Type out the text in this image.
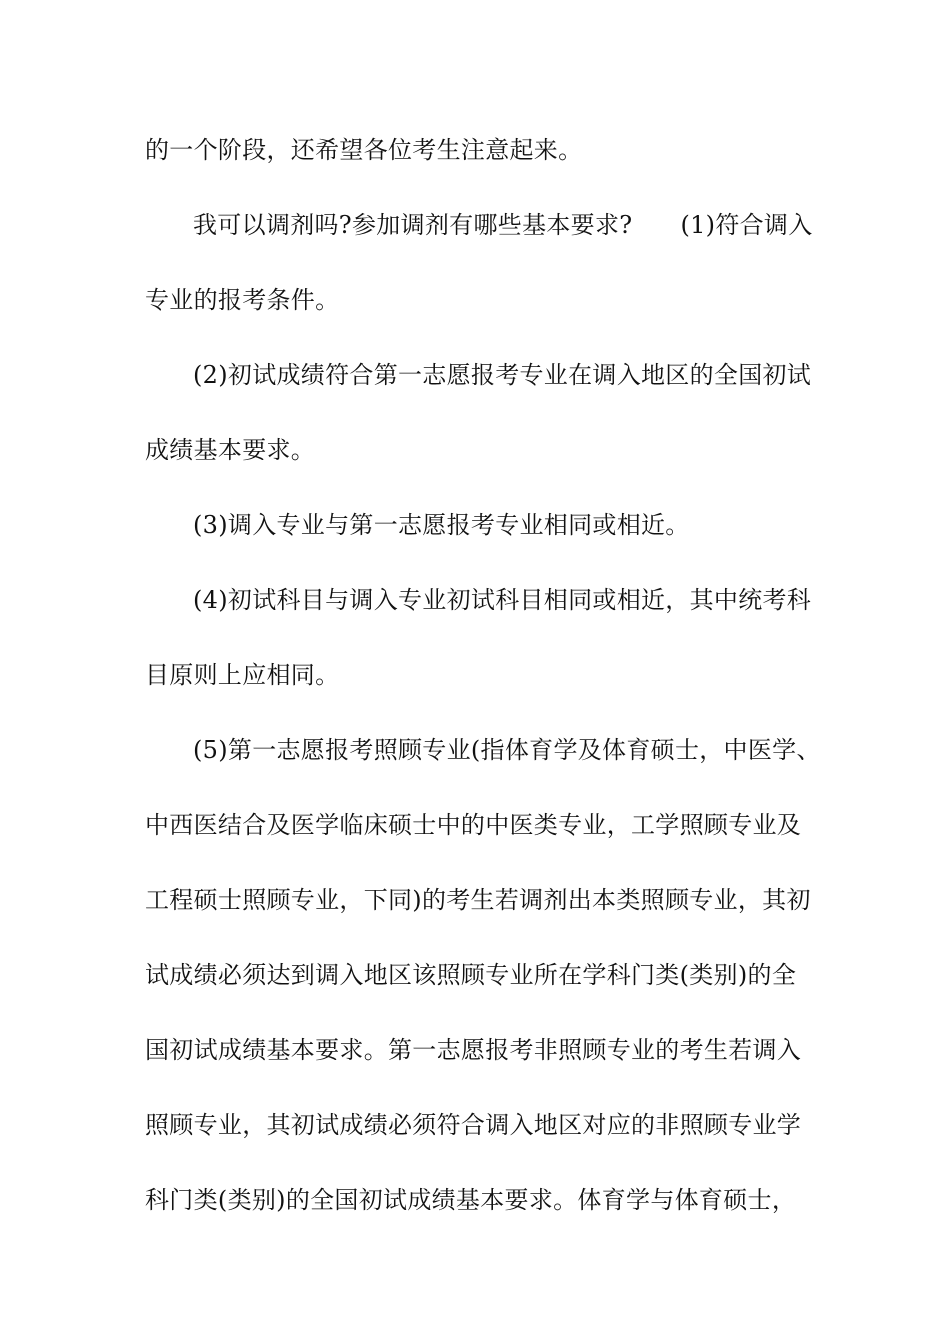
的一个阶段，还希望各位考生注意起来。
我可以调剂吗?参加调剂有哪些基本要求? (1)符合调入
专业的报考条件。
(2)初试成绩符合第一志愿报考专业在调入地区的全国初试
成绩基本要求。
(3)调入专业与第一志愿报考专业相同或相近。
(4)初试科目与调入专业初试科目相同或相近，其中统考科
目原则上应相同。
(5)第一志愿报考照顾专业(指体育学及体育硕士，中医学、
中西医结合及医学临床硕士中的中医类专业，工学照顾专业及
工程硕士照顾专业，下同)的考生若调剂出本类照顾专业，其初
试成绩必须达到调入地区该照顾专业所在学科门类(类别)的全
国初试成绩基本要求。第一志愿报考非照顾专业的考生若调入
照顾专业，其初试成绩必须符合调入地区对应的非照顾专业学
科门类(类别)的全国初试成绩基本要求。体育学与体育硕士，
